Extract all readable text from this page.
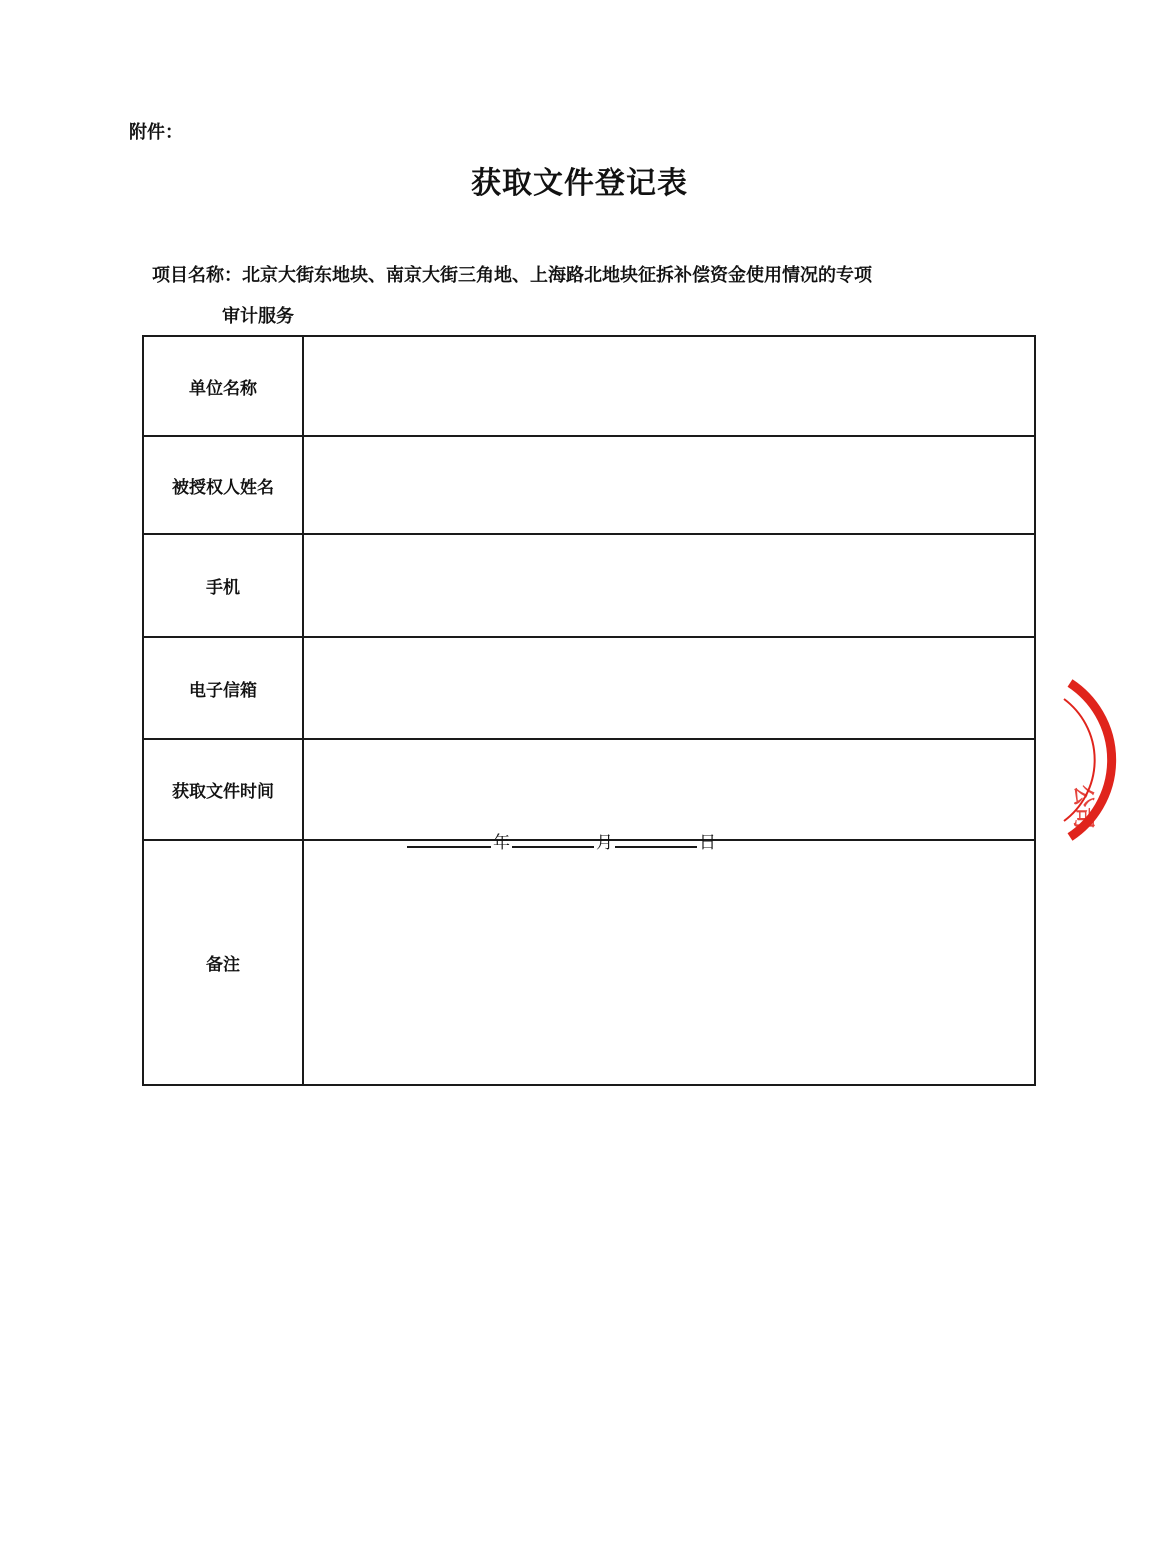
附件：
获取文件登记表
项目名称：北京大街东地块、南京大街三角地、上海路北地块征拆补偿资金使用情况的专项
审计服务
单位名称	
被授权人姓名	
手机	
电子信箱	
获取文件时间	年 月 日

备注	
公司
